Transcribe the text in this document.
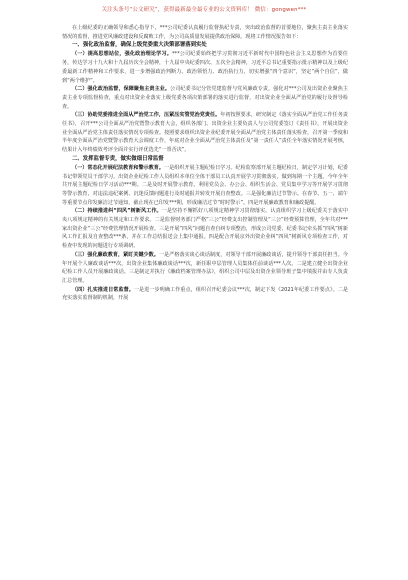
关注头条号“公文研究”，获得最新最全最专业的公文资料库！ 微信：gongwen***

在上级纪委的正确领导和悉心指导下，***公司纪委认真履行监督执纪专责，突出政治监督的首要地位，聚焦主责主业落实情况的监督，推进党风廉政建设和反腐败工作，为公司高质量发展提供政治保障。现将工作情况报告如下：

一、强化政治监督，确保上级党委重大决策部署落到实处

（一）提高思想站位，强化政治理论学习。***公司纪委始终把学习贯彻习近平新时代中国特色社会主义思想作为首要任务，传达学习十九大和十九届历次全会精神，十九届中央纪委四次、五次全会精神，习近平总书记重要指示批示精神以及上级纪委最新工作精神和工作要求，进一步增强政治判断力、政治领悟力、政治执行力，切实增强“四个意识”，坚定“两个自信”，做到“两个维护”。

（二）强化政治监督，保障聚焦主责主业。公司纪委书记分管党建监督与党风廉政专责，强化对***公司及出资企业聚焦主责主业专项监督检查，重点对出资企业落实上级党委各项决策部署的落实进行监督，对出资企业全面从严治党的履行及督导检查。

（三）协助党委推进全面从严治党工作，压紧压实管党治党责任。年初按照要求，研究制定《落实全面从严治党工作任务责任书》，召开***公司全面从严治党暨警示教育大会，组织各部门、出资企业主要负责人与公司党委签订《责任书》，开展出资企业全面从严治党主体责任落实情况专项检查。按照要求组织出资企业纪委开展全面从严治党主体责任落实检查，召开第一季度和半年度全面从严治党暨警示教育大会调度工作，年底对企业全面从严治党主体责任及“第一责任人”责任全年落实情况开展考核，结果计入年终绩效考评全面并实行评优选先“一票否决”。

二、发挥监督专责，做实做细日常监督

（一）常态化开展纪法教育和警示教育。一是组织开展主题纪检日学习。纪检监察部开展主题纪检日，制定学习计划，纪委书记带领党员干部学习。出资企业纪检工作人员组织本单位全体干部员工认真开展学习贯彻落实，做到每期一个主题。今年全年共开展主题纪检日学习活动***期。二是及时开展警示教育。利用党员会、办公会、组织生活会、党员集中学习等开展学习贯彻等警示教育，对违法违纪案例、沉迷反馈问题进行及时通报并转发开展自查整改。三是强化廉洁过节警示。在春节、五一、端午等重要节点印发廉洁过节通知，截止现在已印发***期，形成廉洁过节“时时警示”。四是开展廉政教育和廉政提醒。

（二）持续推进纠“四风”树新风工作。一是坚持不懈抓好八项规定精神学习贯彻落实。认真组织学习上级纪委关于落实中央八项规定精神的有关规定和工作要求。二是监督财务部门严格“三公”经费支出控制管理及“三公”经费预算管理，全年共对***家出资企业“三公”经费管理情况开展检查。三是开展“四风”问题自查自纠专项整治，形成公司党委、纪委书记牵头抓“四风”树新风工作汇报及自查整改***条，并在工作总结报送会上集中通报。四是配合开展京外出资企业纠“四风”树新风专项检查工作，对检查中发现的问题进行专项调研。

（三）强化廉政教育，紧盯关键少数。一是严格落实谈心谈话制度，对领导干部开展廉政谈话，提升领导干部责任担当。今年开展个人廉政谈话***次，出资企业集体廉政谈话***次，新任职中层管理人员集体任前谈话***人次。二是建立健全出资企业纪检工作人员开展廉政谈话。三是制定并执行《廉政档案管理办法》，组织公司中层及出资企业领导班子集中填报并由专人负责汇总管理。

（四）扎实推进日常监督。一是进一步明确工作重点，组织召开纪委会议***次，制定下发《2021年纪委工作要点》。二是充实落实监督制的机制，开展
